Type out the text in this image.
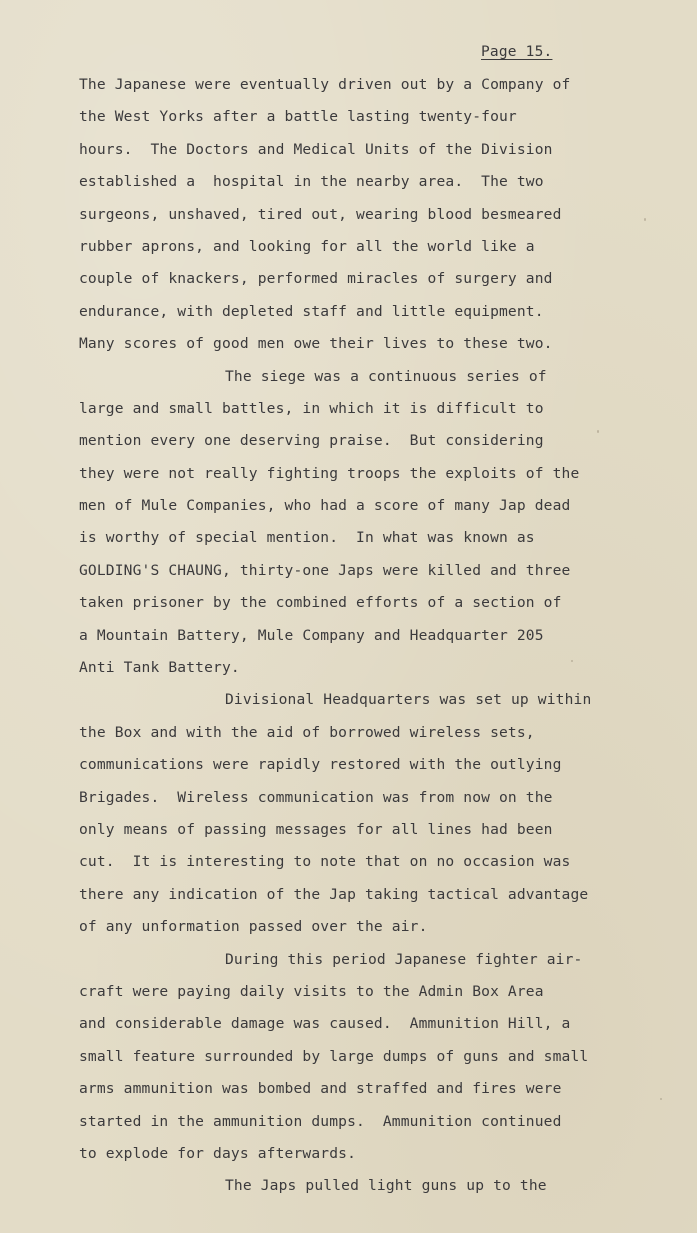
Page 15.
The Japanese were eventually driven out by a Company of
the West Yorks after a battle lasting twenty-four
hours.  The Doctors and Medical Units of the Division
established a  hospital in the nearby area.  The two
surgeons, unshaved, tired out, wearing blood besmeared
rubber aprons, and looking for all the world like a
couple of knackers, performed miracles of surgery and
endurance, with depleted staff and little equipment.
Many scores of good men owe their lives to these two.
The siege was a continuous series of
large and small battles, in which it is difficult to
mention every one deserving praise.  But considering
they were not really fighting troops the exploits of the
men of Mule Companies, who had a score of many Jap dead
is worthy of special mention.  In what was known as
GOLDING'S CHAUNG, thirty-one Japs were killed and three
taken prisoner by the combined efforts of a section of
a Mountain Battery, Mule Company and Headquarter 205
Anti Tank Battery.
Divisional Headquarters was set up within
the Box and with the aid of borrowed wireless sets,
communications were rapidly restored with the outlying
Brigades.  Wireless communication was from now on the
only means of passing messages for all lines had been
cut.  It is interesting to note that on no occasion was
there any indication of the Jap taking tactical advantage
of any unformation passed over the air.
During this period Japanese fighter air-
craft were paying daily visits to the Admin Box Area
and considerable damage was caused.  Ammunition Hill, a
small feature surrounded by large dumps of guns and small
arms ammunition was bombed and straffed and fires were
started in the ammunition dumps.  Ammunition continued
to explode for days afterwards.
The Japs pulled light guns up to the
